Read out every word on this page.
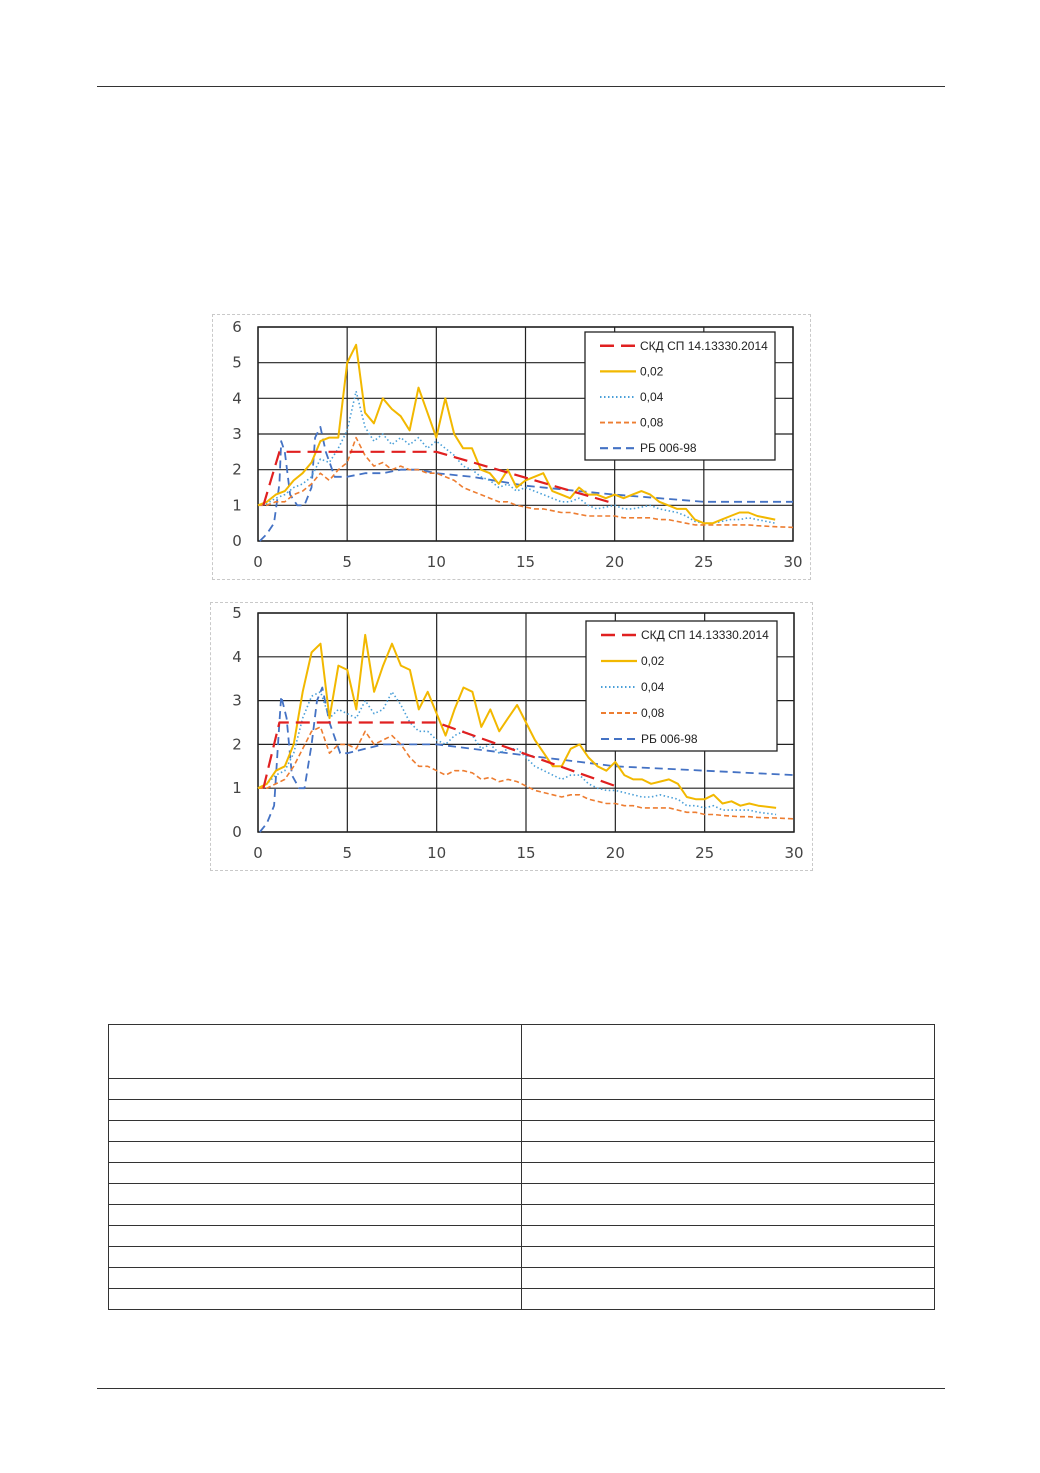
0	5	10	15	20	25	30
0
1
2
3
4
5
6
СКД СП 14.13330.2014
0,02
0,04
0,08
РБ 006-98
0	5	10	15	20	25	30
0
1
2
3
4
5
СКД СП 14.13330.2014
0,02
0,04
0,08
РБ 006-98
